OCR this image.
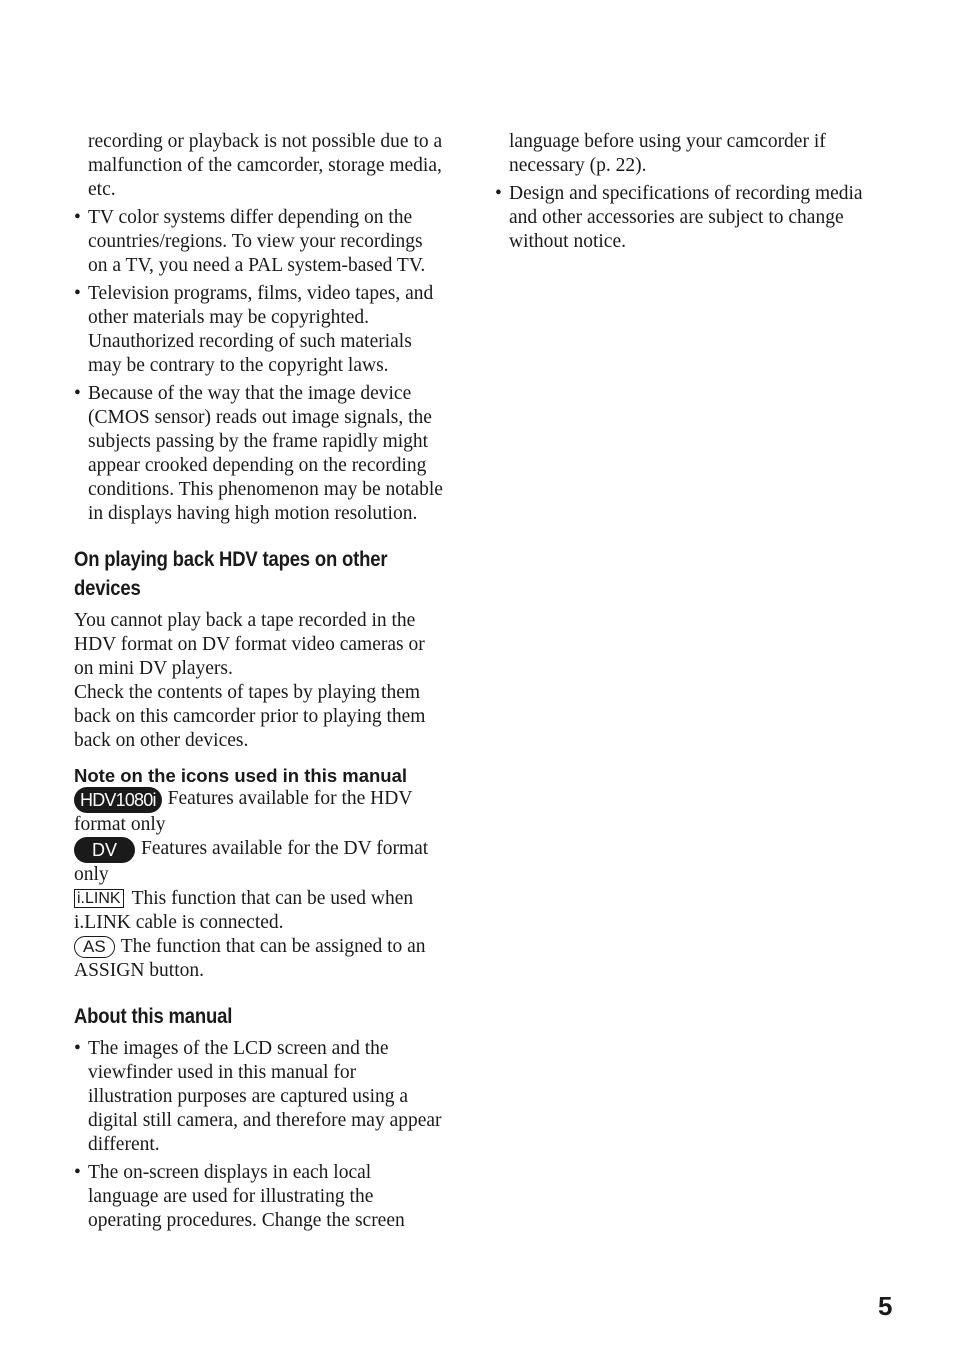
recording or playback is not possible due to a malfunction of the camcorder, storage media, etc.

• TV color systems differ depending on the countries/regions. To view your recordings on a TV, you need a PAL system-based TV.
• Television programs, films, video tapes, and other materials may be copyrighted. Unauthorized recording of such materials may be contrary to the copyright laws.
• Because of the way that the image device (CMOS sensor) reads out image signals, the subjects passing by the frame rapidly might appear crooked depending on the recording conditions. This phenomenon may be notable in displays having high motion resolution.
On playing back HDV tapes on other devices

You cannot play back a tape recorded in the HDV format on DV format video cameras or on mini DV players.

Check the contents of tapes by playing them back on this camcorder prior to playing them back on other devices.

Note on the icons used in this manual

HDV1080i Features available for the HDV format only

DV Features available for the DV format only

i.LINK This function that can be used when i.LINK cable is connected.

AS The function that can be assigned to an ASSIGN button.

About this manual
• The images of the LCD screen and the viewfinder used in this manual for illustration purposes are captured using a digital still camera, and therefore may appear different.
• The on-screen displays in each local language are used for illustrating the operating procedures. Change the screen

language before using your camcorder if necessary (p. 22).

• Design and specifications of recording media and other accessories are subject to change without notice.
5
